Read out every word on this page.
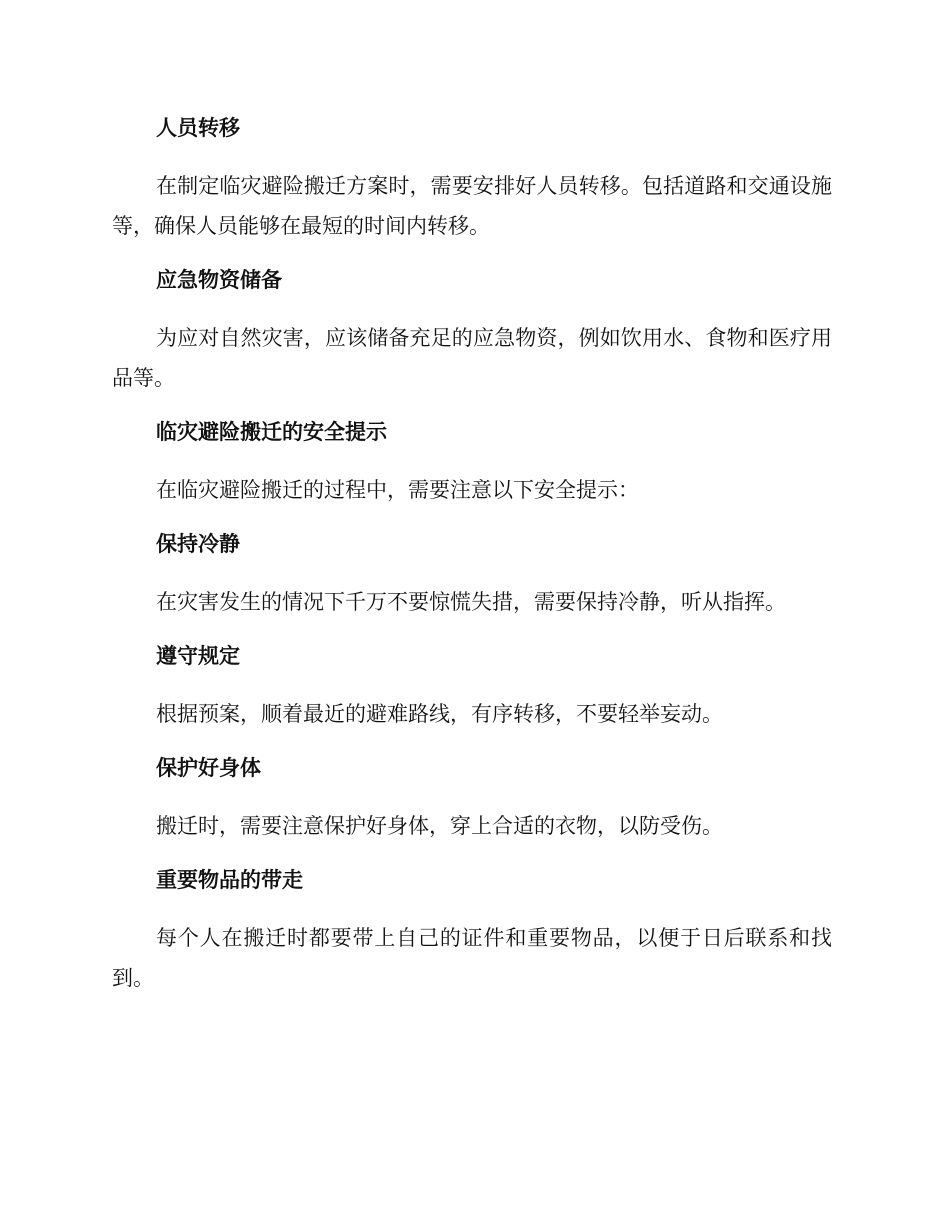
人员转移
在制定临灾避险搬迁方案时，需要安排好人员转移。包括道路和交通设施等，确保人员能够在最短的时间内转移。
应急物资储备
为应对自然灾害，应该储备充足的应急物资，例如饮用水、食物和医疗用品等。
临灾避险搬迁的安全提示
在临灾避险搬迁的过程中，需要注意以下安全提示：
保持冷静
在灾害发生的情况下千万不要惊慌失措，需要保持冷静，听从指挥。
遵守规定
根据预案，顺着最近的避难路线，有序转移，不要轻举妄动。
保护好身体
搬迁时，需要注意保护好身体，穿上合适的衣物，以防受伤。
重要物品的带走
每个人在搬迁时都要带上自己的证件和重要物品，以便于日后联系和找到。
